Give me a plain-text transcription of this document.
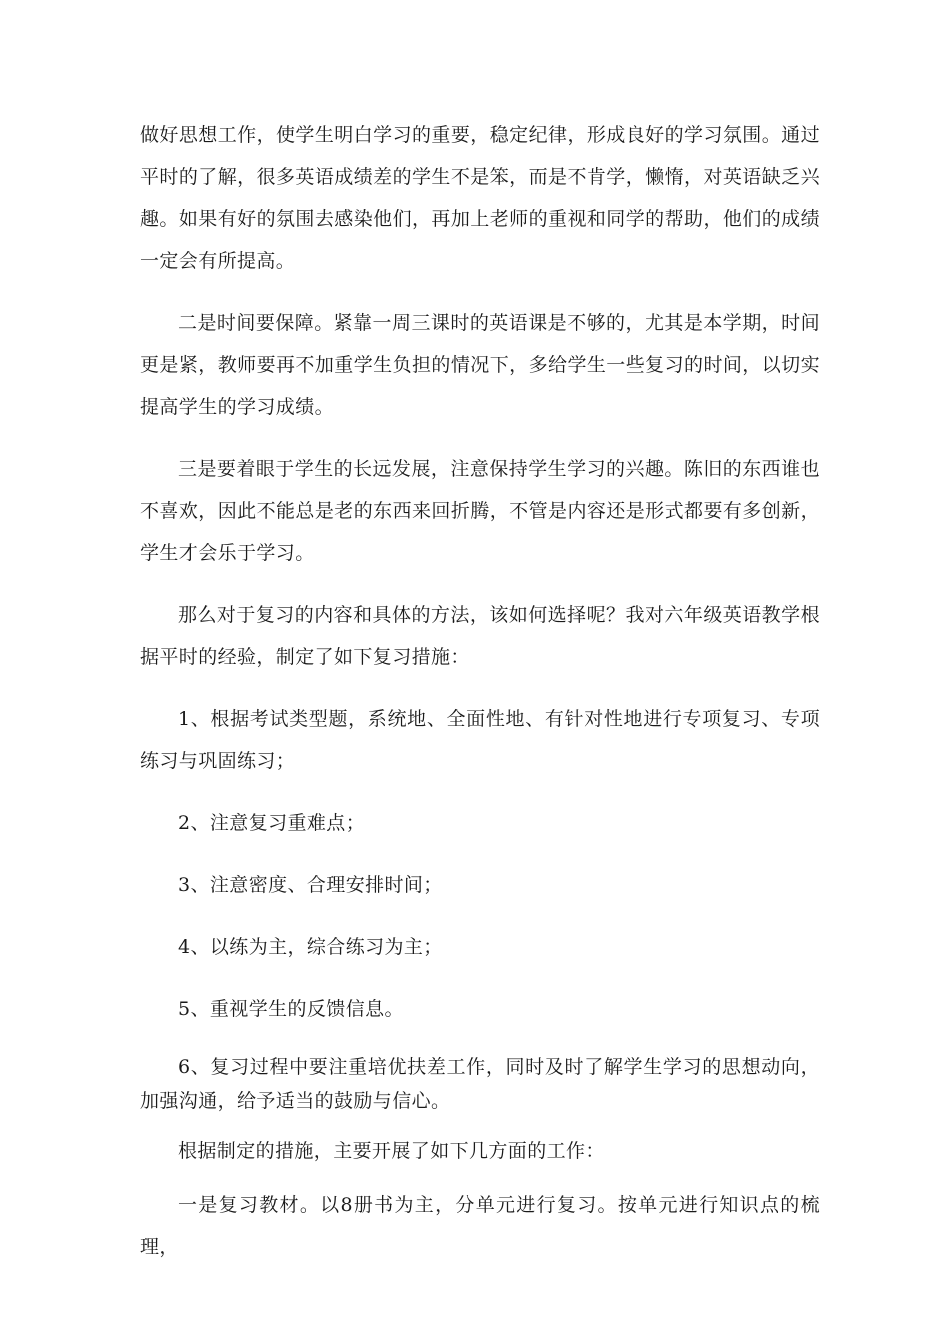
做好思想工作，使学生明白学习的重要，稳定纪律，形成良好的学习氛围。通过平时的了解，很多英语成绩差的学生不是笨，而是不肯学，懒惰，对英语缺乏兴趣。如果有好的氛围去感染他们，再加上老师的重视和同学的帮助，他们的成绩一定会有所提高。

二是时间要保障。紧靠一周三课时的英语课是不够的，尤其是本学期，时间更是紧，教师要再不加重学生负担的情况下，多给学生一些复习的时间，以切实提高学生的学习成绩。

三是要着眼于学生的长远发展，注意保持学生学习的兴趣。陈旧的东西谁也不喜欢，因此不能总是老的东西来回折腾，不管是内容还是形式都要有多创新，学生才会乐于学习。

那么对于复习的内容和具体的方法，该如何选择呢？我对六年级英语教学根据平时的经验，制定了如下复习措施：

1、根据考试类型题，系统地、全面性地、有针对性地进行专项复习、专项练习与巩固练习；

2、注意复习重难点；

3、注意密度、合理安排时间；

4、以练为主，综合练习为主；

5、重视学生的反馈信息。

6、复习过程中要注重培优扶差工作，同时及时了解学生学习的思想动向，加强沟通，给予适当的鼓励与信心。

根据制定的措施，主要开展了如下几方面的工作：

一是复习教材。以8册书为主，分单元进行复习。按单元进行知识点的梳理，
